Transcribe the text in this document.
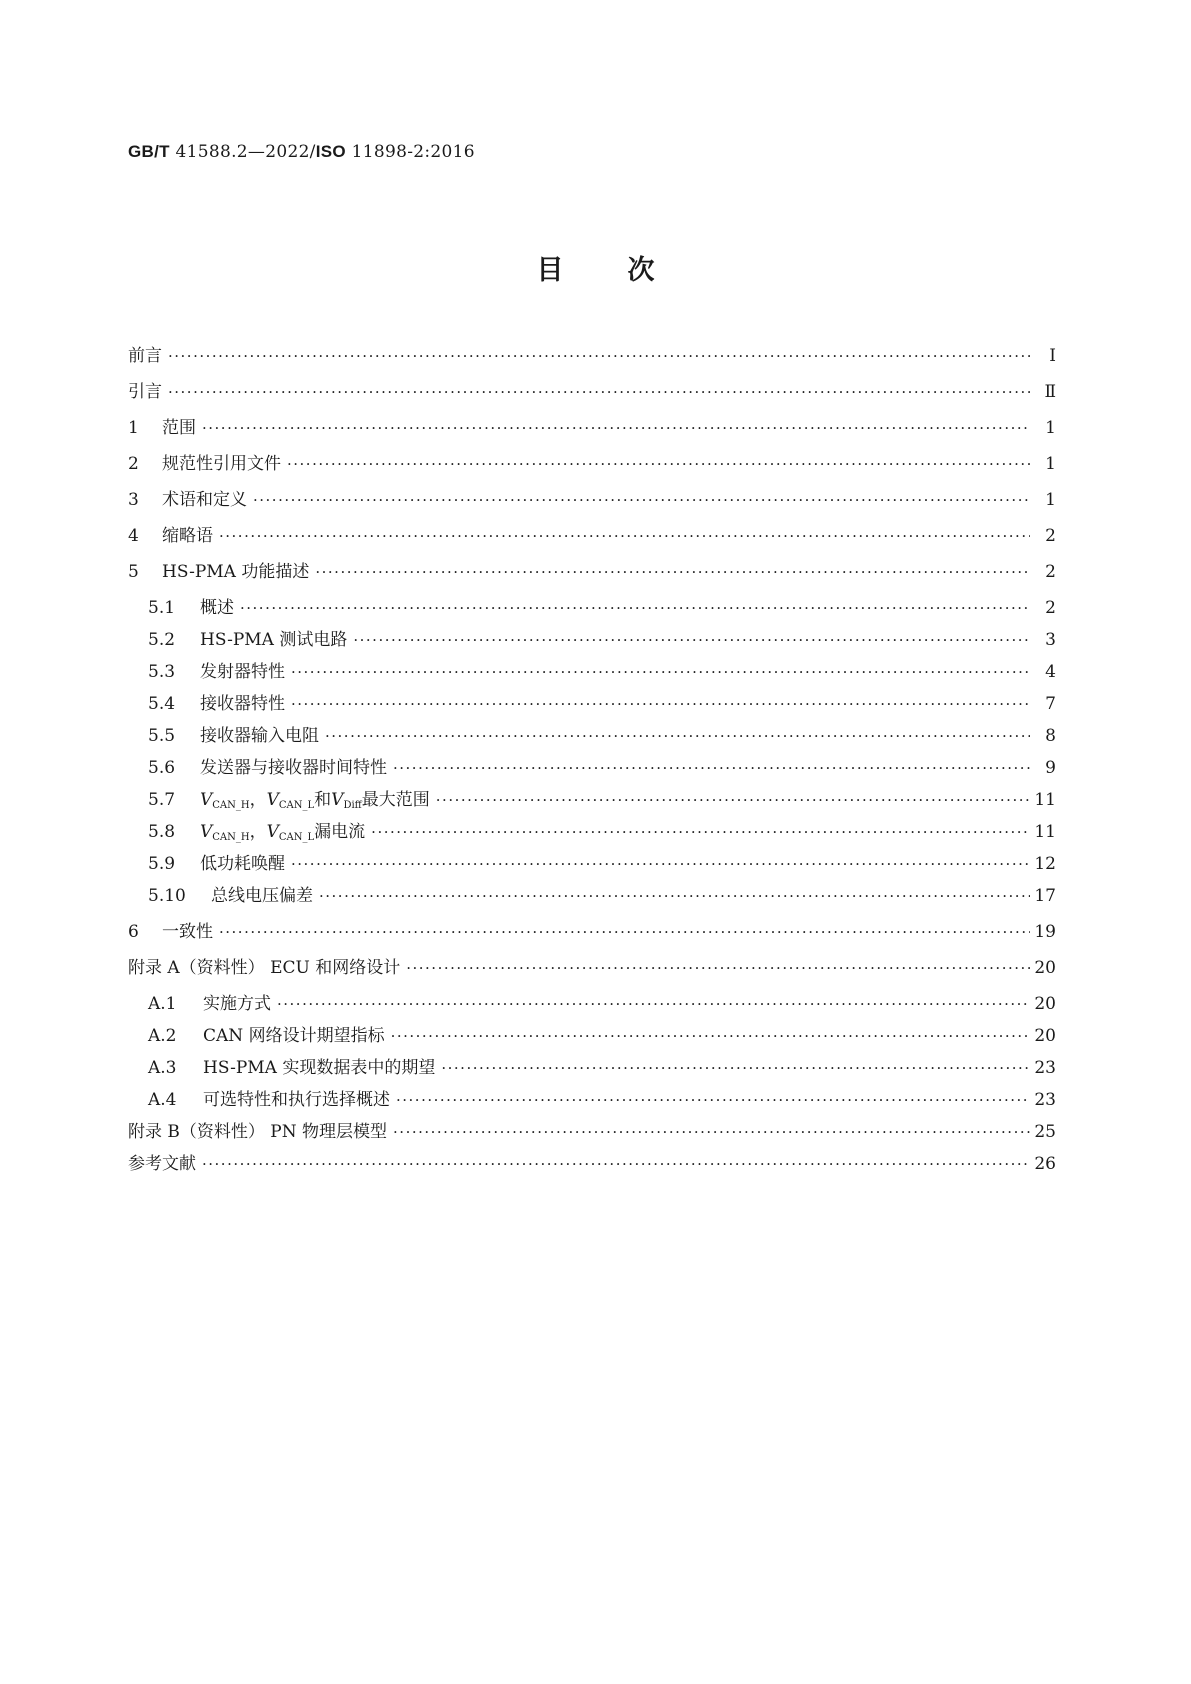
GB/T 41588.2—2022/ISO 11898-2:2016
目次
前言 ·····	Ⅰ
引言 ·····	Ⅱ
1	范围 ·····	1
2	规范性引用文件 ·····	1
3	术语和定义 ·····	1
4	缩略语 ·····	2
5	HS-PMA 功能描述 ·····	2
5.1	概述 ·····	2
5.2	HS-PMA 测试电路 ·····	3
5.3	发射器特性 ·····	4
5.4	接收器特性 ·····	7
5.5	接收器输入电阻 ·····	8
5.6	发送器与接收器时间特性 ·····	9
5.7	$V_{CAN\_H}$，$V_{CAN\_L}$和$V_{Diff}$最大范围 ·····	11
5.8	$V_{CAN\_H}$，$V_{CAN\_L}$漏电流 ·····	11
5.9	低功耗唤醒 ·····	12
5.10	总线电压偏差 ·····	17
6	一致性 ·····	19
附录 A（资料性） ECU 和网络设计 ·····	20
A.1	实施方式 ·····	20
A.2	CAN 网络设计期望指标 ·····	20
A.3	HS-PMA 实现数据表中的期望 ·····	23
A.4	可选特性和执行选择概述 ·····	23
附录 B（资料性） PN 物理层模型 ·····	25
参考文献 ·····	26
